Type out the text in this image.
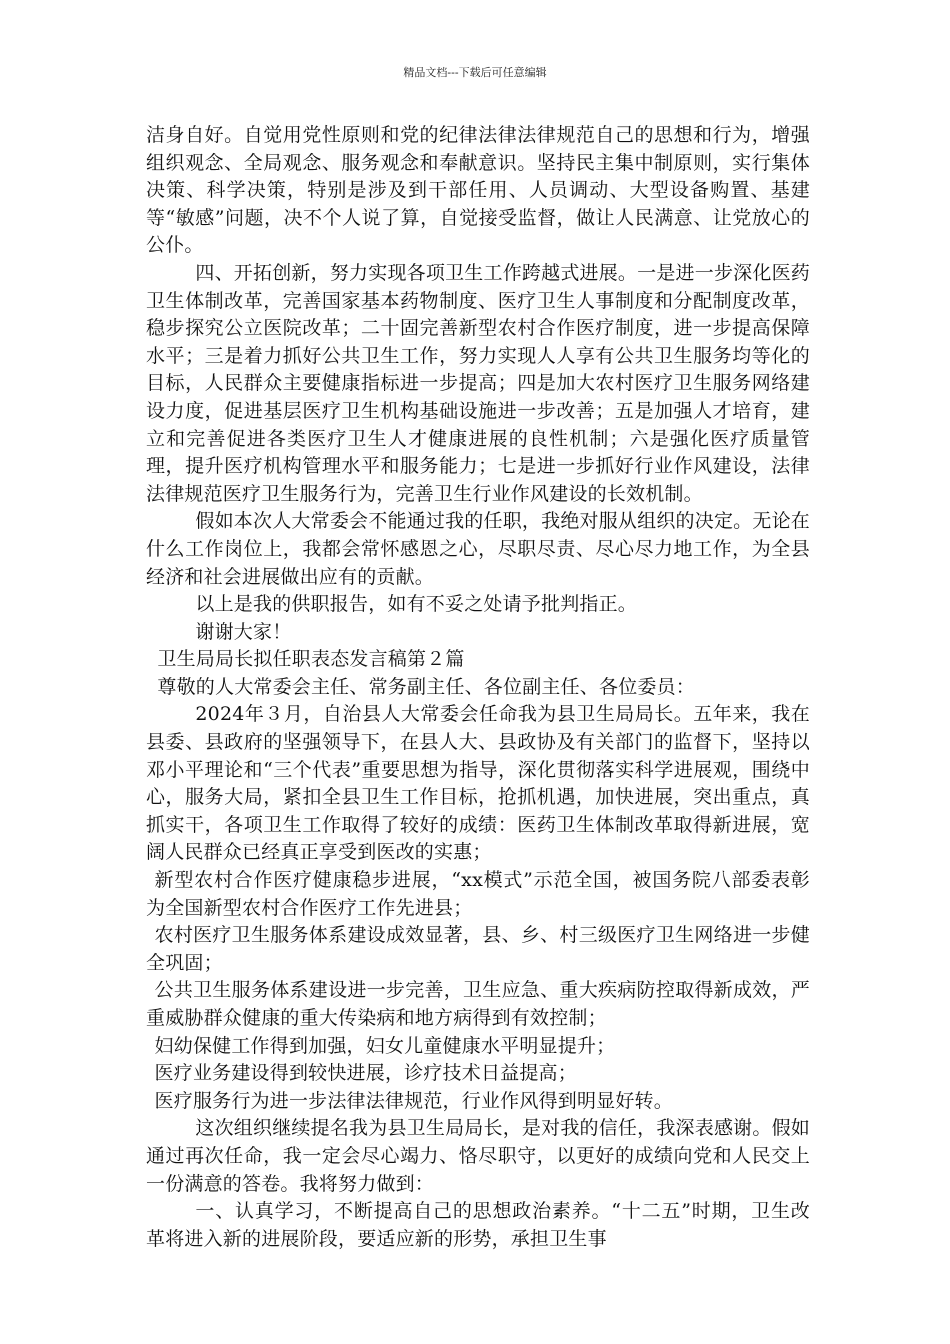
精品文档---下载后可任意编辑

洁身自好。自觉用党性原则和党的纪律法律法律规范自己的思想和行为，增强组织观念、全局观念、服务观念和奉献意识。坚持民主集中制原则，实行集体决策、科学决策，特别是涉及到干部任用、人员调动、大型设备购置、基建等“敏感”问题，决不个人说了算，自觉接受监督，做让人民满意、让党放心的公仆。

四、开拓创新，努力实现各项卫生工作跨越式进展。一是进一步深化医药卫生体制改革，完善国家基本药物制度、医疗卫生人事制度和分配制度改革，稳步探究公立医院改革；二十固完善新型农村合作医疗制度，进一步提高保障水平；三是着力抓好公共卫生工作，努力实现人人享有公共卫生服务均等化的目标，人民群众主要健康指标进一步提高；四是加大农村医疗卫生服务网络建设力度，促进基层医疗卫生机构基础设施进一步改善；五是加强人才培育，建立和完善促进各类医疗卫生人才健康进展的良性机制；六是强化医疗质量管理，提升医疗机构管理水平和服务能力；七是进一步抓好行业作风建设，法律法律规范医疗卫生服务行为，完善卫生行业作风建设的长效机制。

假如本次人大常委会不能通过我的任职，我绝对服从组织的决定。无论在什么工作岗位上，我都会常怀感恩之心，尽职尽责、尽心尽力地工作，为全县经济和社会进展做出应有的贡献。

以上是我的供职报告，如有不妥之处请予批判指正。

谢谢大家！

卫生局局长拟任职表态发言稿第２篇

尊敬的人大常委会主任、常务副主任、各位副主任、各位委员：

2024年３月，自治县人大常委会任命我为县卫生局局长。五年来，我在县委、县政府的坚强领导下，在县人大、县政协及有关部门的监督下，坚持以邓小平理论和“三个代表”重要思想为指导，深化贯彻落实科学进展观，围绕中心，服务大局，紧扣全县卫生工作目标，抢抓机遇，加快进展，突出重点，真抓实干，各项卫生工作取得了较好的成绩：医药卫生体制改革取得新进展，宽阔人民群众已经真正享受到医改的实惠；

新型农村合作医疗健康稳步进展，“xx模式”示范全国，被国务院八部委表彰为全国新型农村合作医疗工作先进县；

农村医疗卫生服务体系建设成效显著，县、乡、村三级医疗卫生网络进一步健全巩固；

公共卫生服务体系建设进一步完善，卫生应急、重大疾病防控取得新成效，严重威胁群众健康的重大传染病和地方病得到有效控制；

妇幼保健工作得到加强，妇女儿童健康水平明显提升；

医疗业务建设得到较快进展，诊疗技术日益提高；

医疗服务行为进一步法律法律规范，行业作风得到明显好转。

这次组织继续提名我为县卫生局局长，是对我的信任，我深表感谢。假如通过再次任命，我一定会尽心竭力、恪尽职守，以更好的成绩向党和人民交上一份满意的答卷。我将努力做到：

一、认真学习，不断提高自己的思想政治素养。“十二五”时期，卫生改革将进入新的进展阶段，要适应新的形势，承担卫生事
